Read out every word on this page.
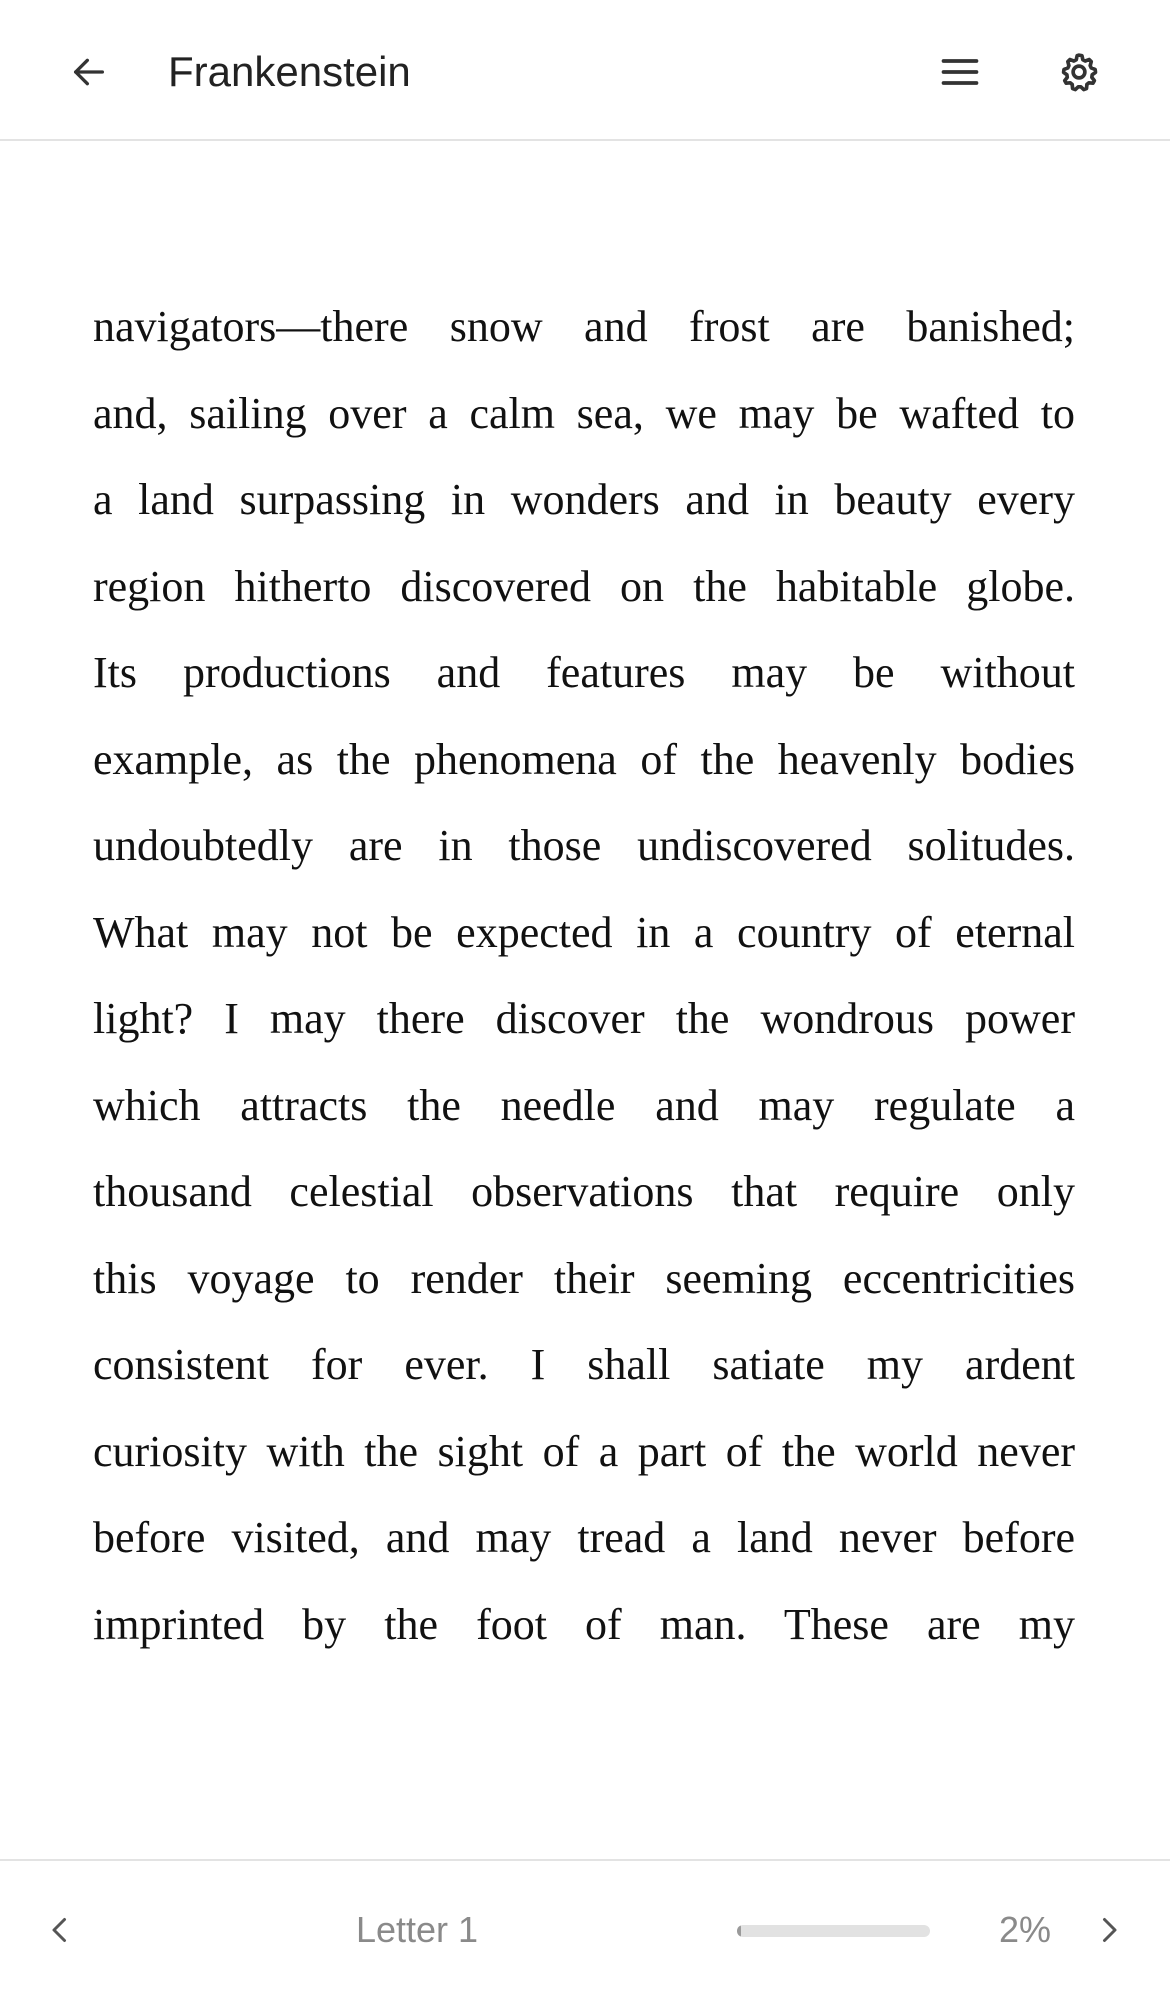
Frankenstein
navigators—there snow and frost are banished;
and, sailing over a calm sea, we may be wafted to
a land surpassing in wonders and in beauty every
region hitherto discovered on the habitable globe.
Its productions and features may be without
example, as the phenomena of the heavenly bodies
undoubtedly are in those undiscovered solitudes.
What may not be expected in a country of eternal
light? I may there discover the wondrous power
which attracts the needle and may regulate a
thousand celestial observations that require only
this voyage to render their seeming eccentricities
consistent for ever. I shall satiate my ardent
curiosity with the sight of a part of the world never
before visited, and may tread a land never before
imprinted by the foot of man. These are my
Letter 1	2%
